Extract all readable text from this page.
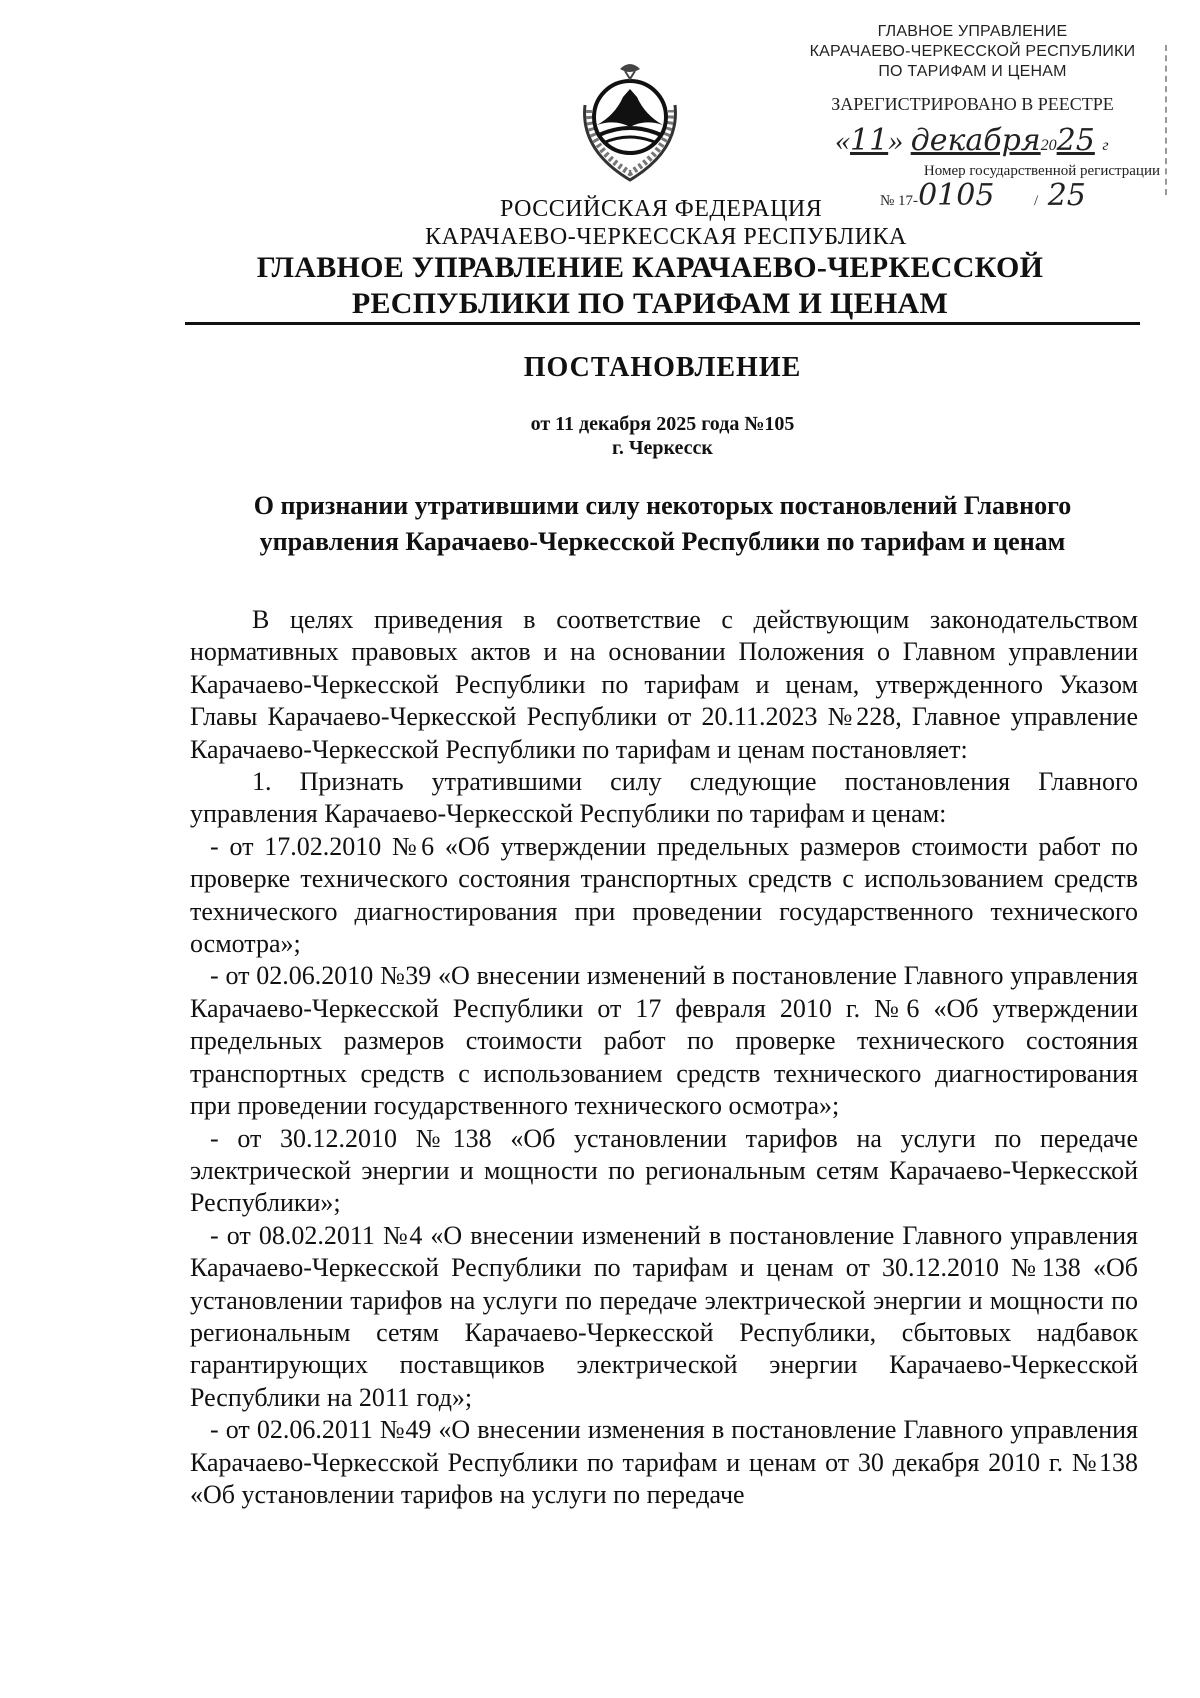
ГЛАВНОЕ УПРАВЛЕНИЕ
КАРАЧАЕВО-ЧЕРКЕССКОЙ РЕСПУБЛИКИ
ПО ТАРИФАМ И ЦЕНАМ
ЗАРЕГИСТРИРОВАНО В РЕЕСТРЕ
«11» декабря2025 г
Номер государственной регистрации
№ 17-0105	/ 25
РОССИЙСКАЯ ФЕДЕРАЦИЯ
КАРАЧАЕВО-ЧЕРКЕССКАЯ РЕСПУБЛИКА
ГЛАВНОЕ УПРАВЛЕНИЕ КАРАЧАЕВО-ЧЕРКЕССКОЙ
РЕСПУБЛИКИ ПО ТАРИФАМ И ЦЕНАМ
ПОСТАНОВЛЕНИЕ
от 11 декабря 2025 года №105
г. Черкесск
О признании утратившими силу некоторых постановлений Главного
управления Карачаево-Черкесской Республики по тарифам и ценам

В целях приведения в соответствие с действующим законодательством нормативных правовых актов и на основании Положения о Главном управлении Карачаево-Черкесской Республики по тарифам и ценам, утвержденного Указом Главы Карачаево-Черкесской Республики от 20.11.2023 №228, Главное управление Карачаево-Черкесской Республики по тарифам и ценам постановляет:

1. Признать утратившими силу следующие постановления Главного управления Карачаево-Черкесской Республики по тарифам и ценам:

- от 17.02.2010 №6 «Об утверждении предельных размеров стоимости работ по проверке технического состояния транспортных средств с использованием средств технического диагностирования при проведении государственного технического осмотра»;

- от 02.06.2010 №39 «О внесении изменений в постановление Главного управления Карачаево-Черкесской Республики от 17 февраля 2010 г. №6 «Об утверждении предельных размеров стоимости работ по проверке технического состояния транспортных средств с использованием средств технического диагностирования при проведении государственного технического осмотра»;

- от 30.12.2010 №138 «Об установлении тарифов на услуги по передаче электрической энергии и мощности по региональным сетям Карачаево-Черкесской Республики»;

- от 08.02.2011 №4 «О внесении изменений в постановление Главного управления Карачаево-Черкесской Республики по тарифам и ценам от 30.12.2010 №138 «Об установлении тарифов на услуги по передаче электрической энергии и мощности по региональным сетям Карачаево-Черкесской Республики, сбытовых надбавок гарантирующих поставщиков электрической энергии Карачаево-Черкесской Республики на 2011 год»;

- от 02.06.2011 №49 «О внесении изменения в постановление Главного управления Карачаево-Черкесской Республики по тарифам и ценам от 30 декабря 2010 г. №138 «Об установлении тарифов на услуги по передаче
